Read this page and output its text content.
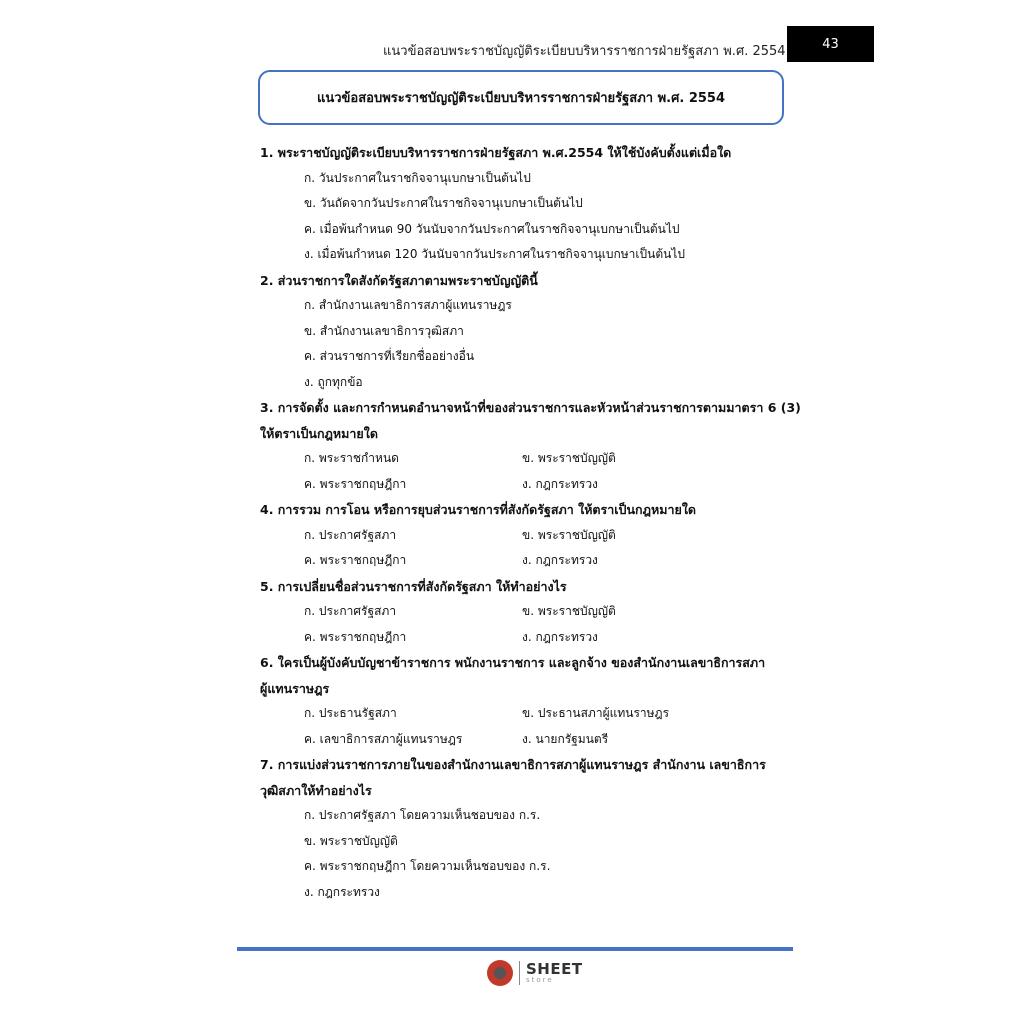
แนวข้อสอบพระราชบัญญัติระเบียบบริหารราชการฝ่ายรัฐสภา พ.ศ. 2554	43
แนวข้อสอบพระราชบัญญัติระเบียบบริหารราชการฝ่ายรัฐสภา พ.ศ. 2554

1. พระราชบัญญัติระเบียบบริหารราชการฝ่ายรัฐสภา พ.ศ.2554 ให้ใช้บังคับตั้งแต่เมื่อใด

ก. วันประกาศในราชกิจจานุเบกษาเป็นต้นไป

ข. วันถัดจากวันประกาศในราชกิจจานุเบกษาเป็นต้นไป

ค. เมื่อพ้นกำหนด 90 วันนับจากวันประกาศในราชกิจจานุเบกษาเป็นต้นไป

ง. เมื่อพ้นกำหนด 120 วันนับจากวันประกาศในราชกิจจานุเบกษาเป็นต้นไป

2. ส่วนราชการใดสังกัดรัฐสภาตามพระราชบัญญัตินี้

ก. สำนักงานเลขาธิการสภาผู้แทนราษฎร

ข. สำนักงานเลขาธิการวุฒิสภา

ค. ส่วนราชการที่เรียกชื่ออย่างอื่น

ง. ถูกทุกข้อ

3. การจัดตั้ง และการกำหนดอำนาจหน้าที่ของส่วนราชการและหัวหน้าส่วนราชการตามมาตรา 6 (3)

ให้ตราเป็นกฎหมายใด

ก. พระราชกำหนด	ข. พระราชบัญญัติ
ค. พระราชกฤษฎีกา	ง. กฎกระทรวง

4. การรวม การโอน หรือการยุบส่วนราชการที่สังกัดรัฐสภา ให้ตราเป็นกฎหมายใด

ก. ประกาศรัฐสภา	ข. พระราชบัญญัติ
ค. พระราชกฤษฎีกา	ง. กฎกระทรวง

5. การเปลี่ยนชื่อส่วนราชการที่สังกัดรัฐสภา ให้ทำอย่างไร

ก. ประกาศรัฐสภา	ข. พระราชบัญญัติ
ค. พระราชกฤษฎีกา	ง. กฎกระทรวง

6. ใครเป็นผู้บังคับบัญชาข้าราชการ พนักงานราชการ และลูกจ้าง ของสำนักงานเลขาธิการสภา

ผู้แทนราษฎร

ก. ประธานรัฐสภา	ข. ประธานสภาผู้แทนราษฎร
ค. เลขาธิการสภาผู้แทนราษฎร	ง. นายกรัฐมนตรี

7. การแบ่งส่วนราชการภายในของสำนักงานเลขาธิการสภาผู้แทนราษฎร สำนักงาน เลขาธิการ

วุฒิสภาให้ทำอย่างไร

ก. ประกาศรัฐสภา โดยความเห็นชอบของ ก.ร.

ข. พระราชบัญญัติ

ค. พระราชกฤษฎีกา โดยความเห็นชอบของ ก.ร.

ง. กฎกระทรวง

SHEET
store
